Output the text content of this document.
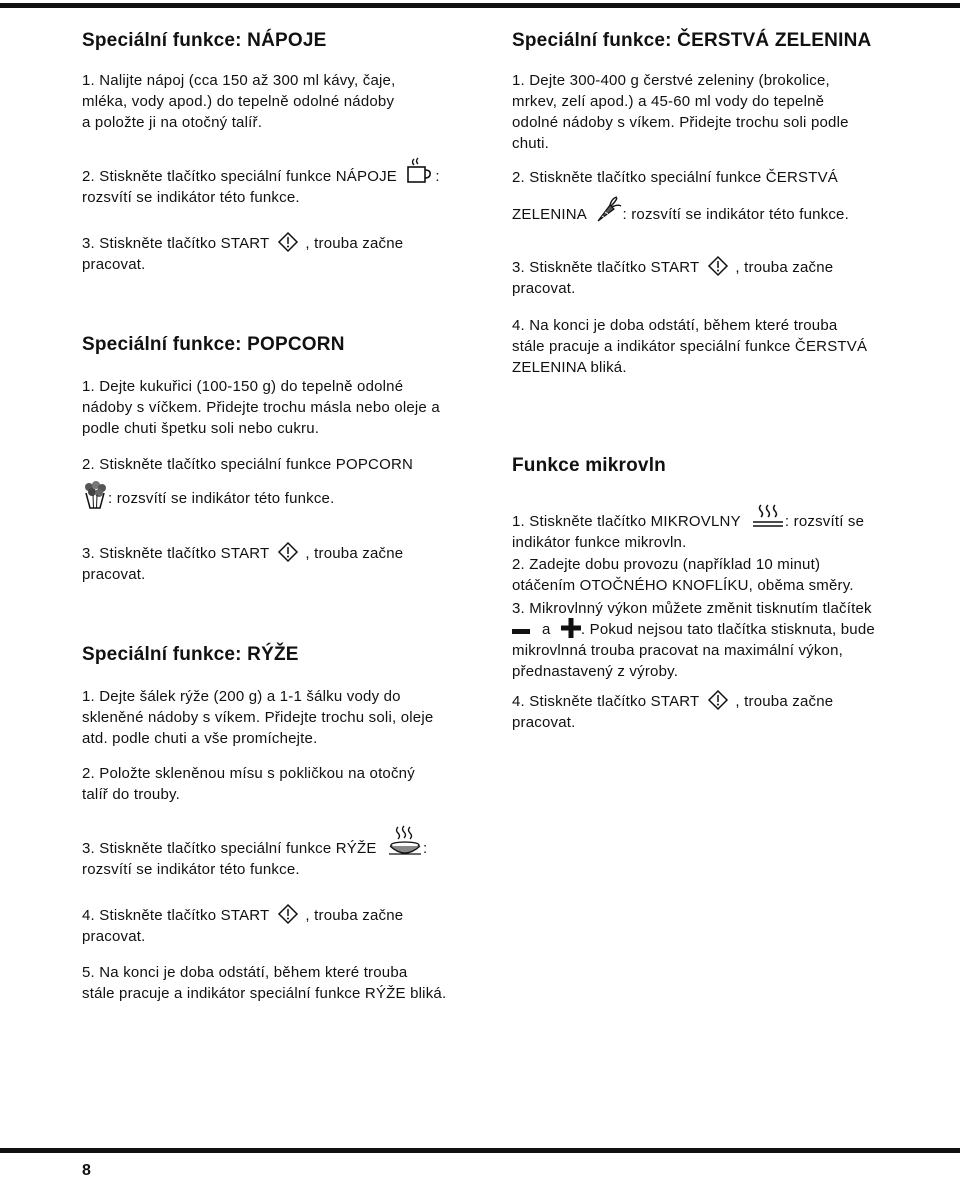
Speciální funkce: NÁPOJE
1. Nalijte nápoj (cca 150 až 300 ml kávy, čaje,
mléka, vody apod.) do tepelně odolné nádoby
a položte ji na otočný talíř.
2. Stiskněte tlačítko speciální funkce NÁPOJE	:
rozsvítí se indikátor této funkce.
3. Stiskněte tlačítko START , trouba začne
pracovat.
Speciální funkce: POPCORN
1. Dejte kukuřici (100-150 g) do tepelně odolné
nádoby s víčkem. Přidejte trochu másla nebo oleje a
podle chuti špetku soli nebo cukru.
2. Stiskněte tlačítko speciální funkce POPCORN
: rozsvítí se indikátor této funkce.
3. Stiskněte tlačítko START , trouba začne
pracovat.
Speciální funkce: RÝŽE
1. Dejte šálek rýže (200 g) a 1-1 šálku vody do
skleněné nádoby s víkem. Přidejte trochu soli, oleje
atd. podle chuti a vše promíchejte.
2. Položte skleněnou mísu s pokličkou na otočný
talíř do trouby.
3. Stiskněte tlačítko speciální funkce RÝŽE	:
rozsvítí se indikátor této funkce.
4. Stiskněte tlačítko START , trouba začne
pracovat.
5. Na konci je doba odstátí, během které trouba
stále pracuje a indikátor speciální funkce RÝŽE bliká.
Speciální funkce: ČERSTVÁ ZELENINA
1. Dejte 300-400 g čerstvé zeleniny (brokolice,
mrkev, zelí apod.) a 45-60 ml vody do tepelně
odolné nádoby s víkem. Přidejte trochu soli podle
chuti.
2. Stiskněte tlačítko speciální funkce ČERSTVÁ
ZELENINA : rozsvítí se indikátor této funkce.
3. Stiskněte tlačítko START , trouba začne
pracovat.
4. Na konci je doba odstátí, během které trouba
stále pracuje a indikátor speciální funkce ČERSTVÁ
ZELENINA bliká.
Funkce mikrovln
1. Stiskněte tlačítko MIKROVLNY	: rozsvítí se
indikátor funkce mikrovln.
2. Zadejte dobu provozu (například 10 minut)
otáčením OTOČNÉHO KNOFLÍKU, oběma směry.
3. Mikrovlnný výkon můžete změnit tisknutím tlačítek
a . Pokud nejsou tato tlačítka stisknuta, bude
mikrovlnná trouba pracovat na maximální výkon,
přednastavený z výroby.
4. Stiskněte tlačítko START , trouba začne
pracovat.
8
